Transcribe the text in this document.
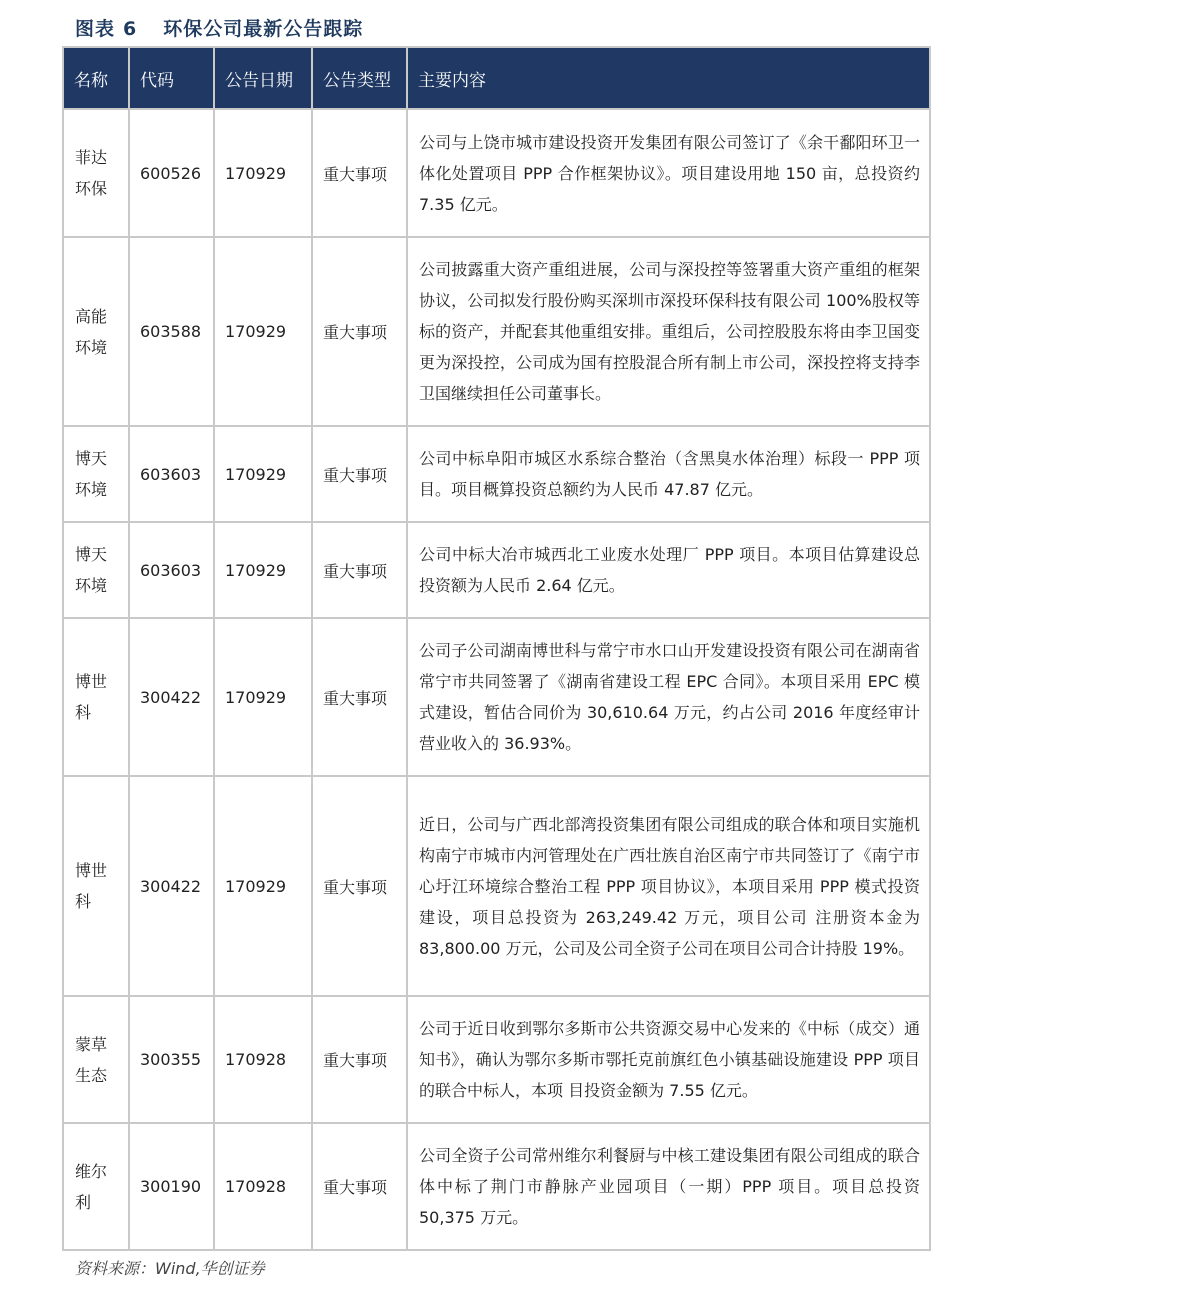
图表 6 环保公司最新公告跟踪
名称	代码	公告日期	公告类型	主要内容
菲达环保	600526	170929	重大事项	公司与上饶市城市建设投资开发集团有限公司签订了《余干鄱阳环卫一体化处置项目 PPP 合作框架协议》。项目建设用地 150 亩，总投资约 7.35 亿元。
高能环境	603588	170929	重大事项	公司披露重大资产重组进展，公司与深投控等签署重大资产重组的框架协议，公司拟发行股份购买深圳市深投环保科技有限公司 100%股权等标的资产，并配套其他重组安排。重组后，公司控股股东将由李卫国变更为深投控，公司成为国有控股混合所有制上市公司，深投控将支持李卫国继续担任公司董事长。
博天环境	603603	170929	重大事项	公司中标阜阳市城区水系综合整治（含黑臭水体治理）标段一 PPP 项目。项目概算投资总额约为人民币 47.87 亿元。
博天环境	603603	170929	重大事项	公司中标大冶市城西北工业废水处理厂 PPP 项目。本项目估算建设总投资额为人民币 2.64 亿元。
博世科	300422	170929	重大事项	公司子公司湖南博世科与常宁市水口山开发建设投资有限公司在湖南省常宁市共同签署了《湖南省建设工程 EPC 合同》。本项目采用 EPC 模式建设，暂估合同价为 30,610.64 万元，约占公司 2016 年度经审计营业收入的 36.93%。
博世科	300422	170929	重大事项	近日，公司与广西北部湾投资集团有限公司组成的联合体和项目实施机构南宁市城市内河管理处在广西壮族自治区南宁市共同签订了《南宁市心圩江环境综合整治工程 PPP 项目协议》，本项目采用 PPP 模式投资建设，项目总投资为 263,249.42 万元，项目公司 注册资本金为 83,800.00 万元，公司及公司全资子公司在项目公司合计持股 19%。
蒙草生态	300355	170928	重大事项	公司于近日收到鄂尔多斯市公共资源交易中心发来的《中标（成交）通知书》，确认为鄂尔多斯市鄂托克前旗红色小镇基础设施建设 PPP 项目的联合中标人，本项 目投资金额为 7.55 亿元。
维尔利	300190	170928	重大事项	公司全资子公司常州维尔利餐厨与中核工建设集团有限公司组成的联合体中标了荆门市静脉产业园项目（一期）PPP 项目。项目总投资 50,375 万元。
资料来源：Wind,华创证券
